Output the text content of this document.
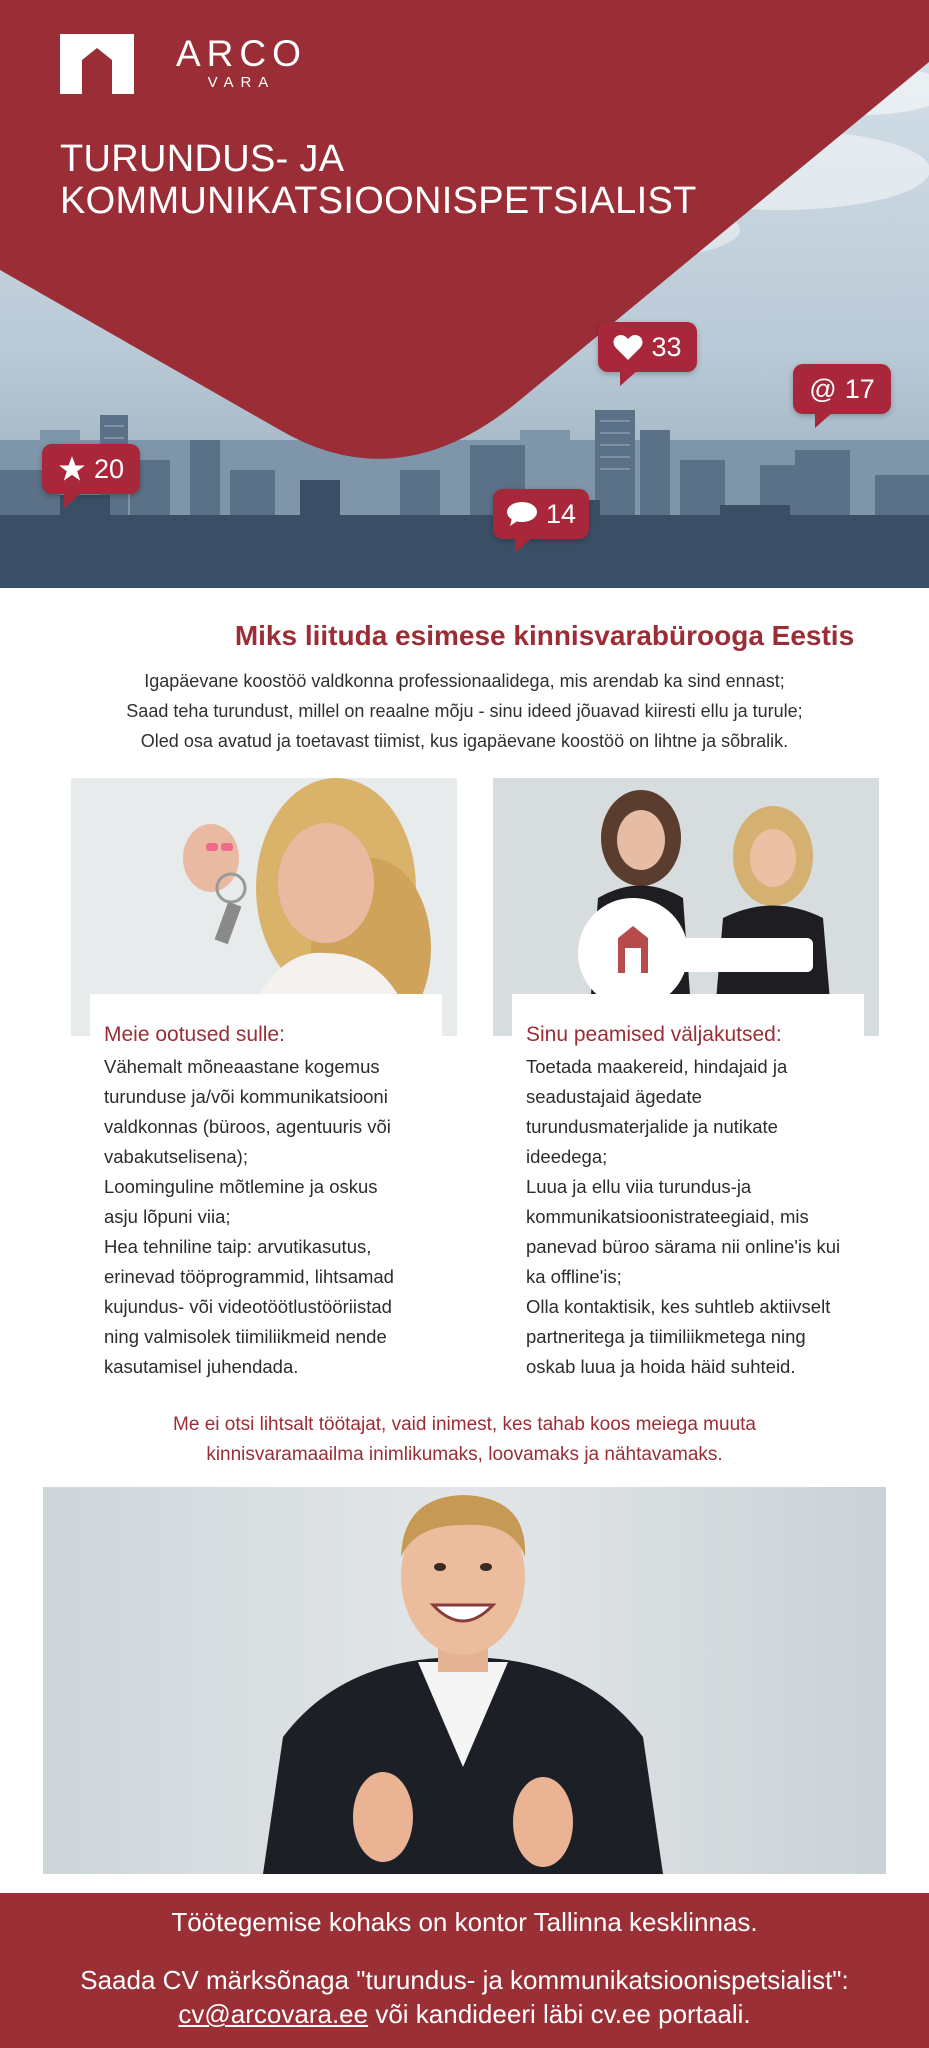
ARCO
VARA
TURUNDUS- JA
KOMMUNIKATSIOONISPETSIALIST
33
@ 17
20
14
Miks liituda esimese kinnisvarabürooga Eestis
Igapäevane koostöö valdkonna professionaalidega, mis arendab ka sind ennast;
Saad teha turundust, millel on reaalne mõju - sinu ideed jõuavad kiiresti ellu ja turule;
Oled osa avatud ja toetavast tiimist, kus igapäevane koostöö on lihtne ja sõbralik.
Meie ootused sulle:
Vähemalt mõneaastane kogemus
turunduse ja/või kommunikatsiooni
valdkonnas (bürоos, agentuuris või
vabakutselisena);
Loominguline mõtlemine ja oskus
asju lõpuni viia;
Hea tehniline taip: arvutikasutus,
erinevad tööprogrammid, lihtsamad
kujundus- või videotöötlustööriistad
ning valmisolek tiimiliikmeid nende
kasutamisel juhendada.
Sinu peamised väljakutsed:
Toetada maakereid, hindajaid ja
seadustajaid ägedate
turundusmaterjalide ja nutikate
ideedega;
Luua ja ellu viia turundus-ja
kommunikatsioonistrateegiaid, mis
panevad büroo särama nii online'is kui
ka offline'is;
Olla kontaktisik, kes suhtleb aktiivselt
partneritega ja tiimiliikmetega ning
oskab luua ja hoida häid suhteid.
Me ei otsi lihtsalt töötajat, vaid inimest, kes tahab koos meiega muuta
kinnisvaramaailma inimlikumaks, loovamaks ja nähtavamaks.
Töötegemise kohaks on kontor Tallinna kesklinnas.
Saada CV märksõnaga "turundus- ja kommunikatsioonispetsialist":
cv@arcovara.ee või kandideeri läbi cv.ee portaali.
